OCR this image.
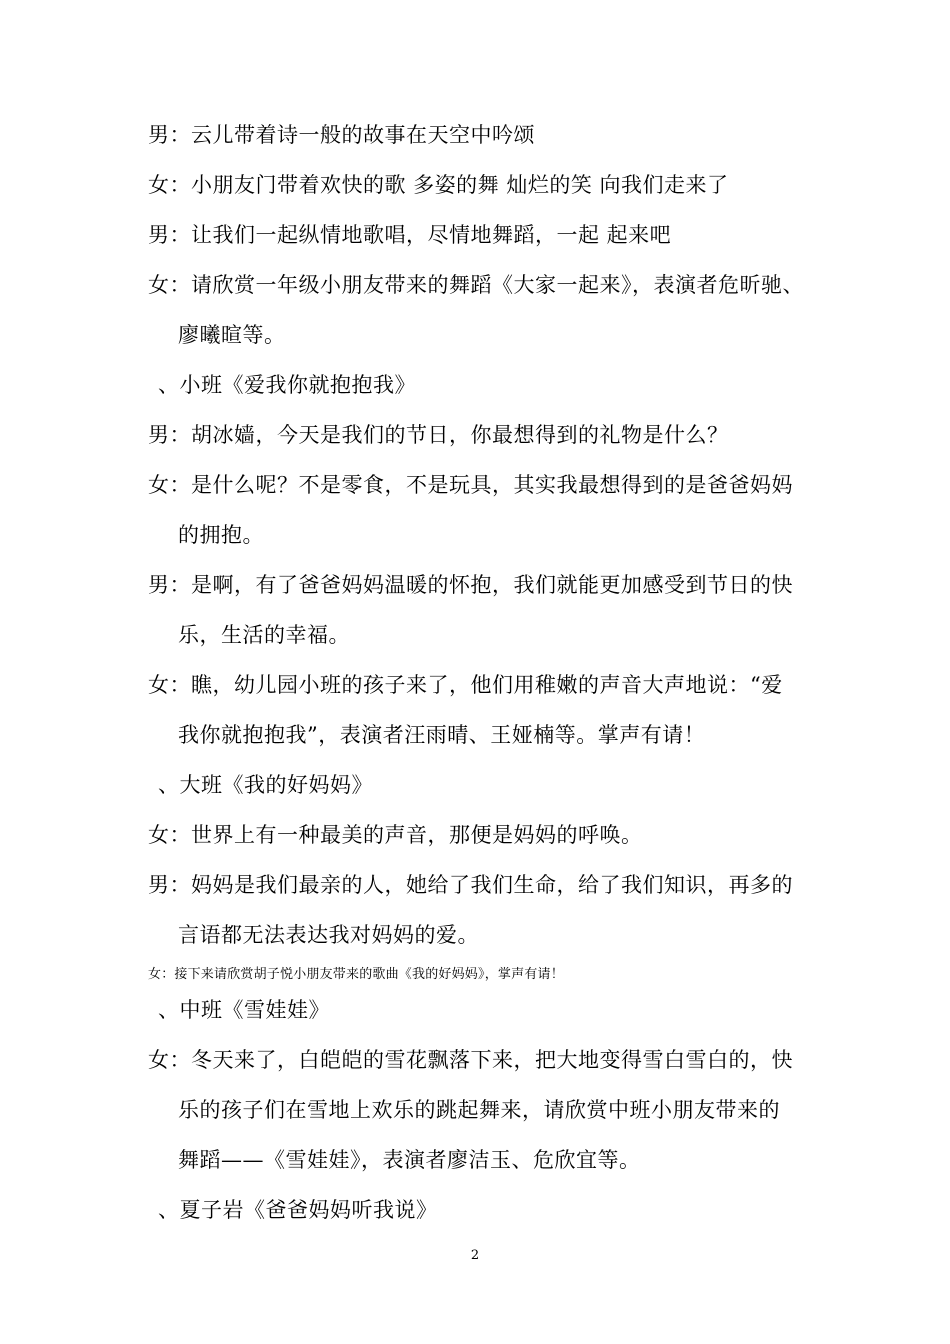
男：云儿带着诗一般的故事在天空中吟颂
女：小朋友门带着欢快的歌 多姿的舞 灿烂的笑 向我们走来了
男：让我们一起纵情地歌唱，尽情地舞蹈，一起 起来吧
女：请欣赏一年级小朋友带来的舞蹈《大家一起来》，表演者危昕驰、
廖曦暄等。
、小班《爱我你就抱抱我》
男：胡冰嫱，今天是我们的节日，你最想得到的礼物是什么？
女：是什么呢？不是零食，不是玩具，其实我最想得到的是爸爸妈妈
的拥抱。
男：是啊，有了爸爸妈妈温暖的怀抱，我们就能更加感受到节日的快
乐，生活的幸福。
女：瞧，幼儿园小班的孩子来了，他们用稚嫩的声音大声地说：“爱
我你就抱抱我”，表演者汪雨晴、王娅楠等。掌声有请！
、大班《我的好妈妈》
女：世界上有一种最美的声音，那便是妈妈的呼唤。
男：妈妈是我们最亲的人，她给了我们生命，给了我们知识，再多的
言语都无法表达我对妈妈的爱。
女：接下来请欣赏胡子悦小朋友带来的歌曲《我的好妈妈》，掌声有请！
、中班《雪娃娃》
女：冬天来了，白皑皑的雪花飘落下来，把大地变得雪白雪白的，快
乐的孩子们在雪地上欢乐的跳起舞来，请欣赏中班小朋友带来的
舞蹈——《雪娃娃》，表演者廖洁玉、危欣宜等。
、夏子岩《爸爸妈妈听我说》
2
